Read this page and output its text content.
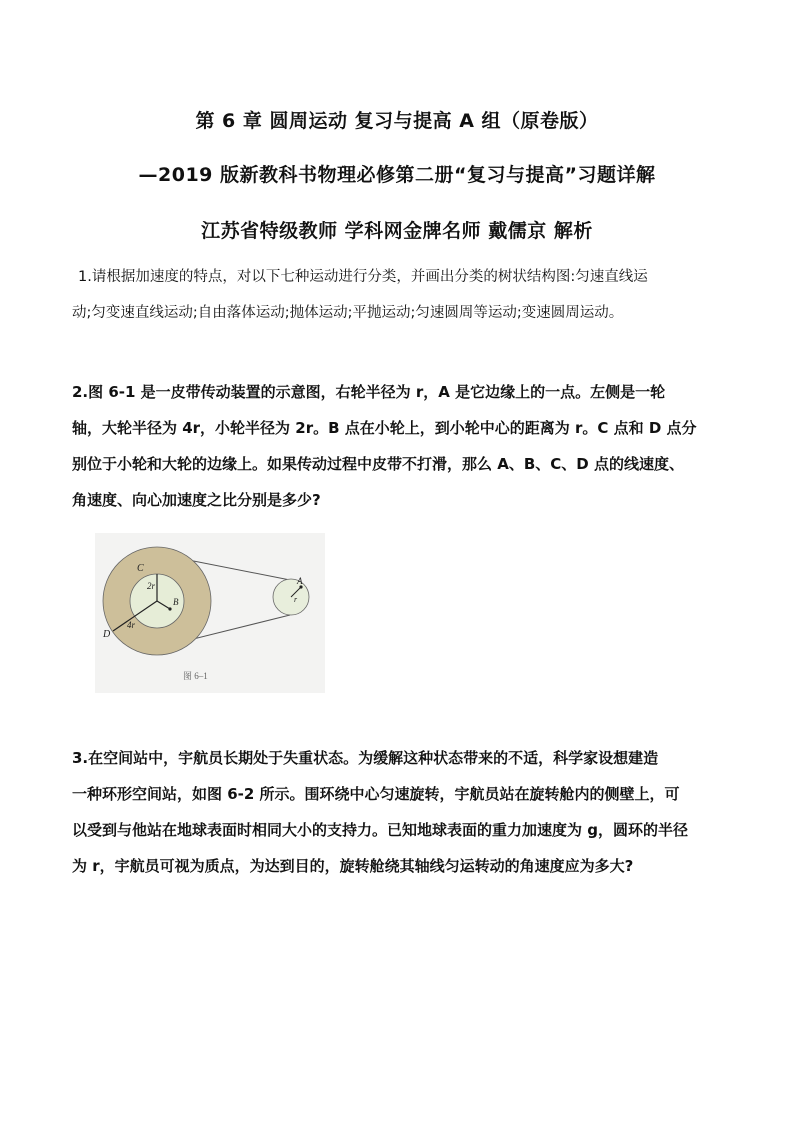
第 6 章 圆周运动 复习与提高 A 组（原卷版）
—2019 版新教科书物理必修第二册“复习与提高”习题详解
江苏省特级教师 学科网金牌名师 戴儒京 解析
1.请根据加速度的特点，对以下七种运动进行分类，并画出分类的树状结构图:匀速直线运
动;匀变速直线运动;自由落体运动;抛体运动;平抛运动;匀速圆周等运动;变速圆周运动。
2.图 6-1 是一皮带传动装置的示意图，右轮半径为 r，A 是它边缘上的一点。左侧是一轮
轴，大轮半径为 4r，小轮半径为 2r。B 点在小轮上，到小轮中心的距离为 r。C 点和 D 点分
别位于小轮和大轮的边缘上。如果传动过程中皮带不打滑，那么 A、B、C、D 点的线速度、
角速度、向心加速度之比分别是多少?
C
2r
B
4r
D
A
r
图 6–1
3.在空间站中，宇航员长期处于失重状态。为缓解这种状态带来的不适，科学家设想建造
一种环形空间站，如图 6-2 所示。围环绕中心匀速旋转，宇航员站在旋转舱内的侧壁上，可
以受到与他站在地球表面时相同大小的支持力。已知地球表面的重力加速度为 g，圆环的半径
为 r，宇航员可视为质点，为达到目的，旋转舱绕其轴线匀运转动的角速度应为多大?
